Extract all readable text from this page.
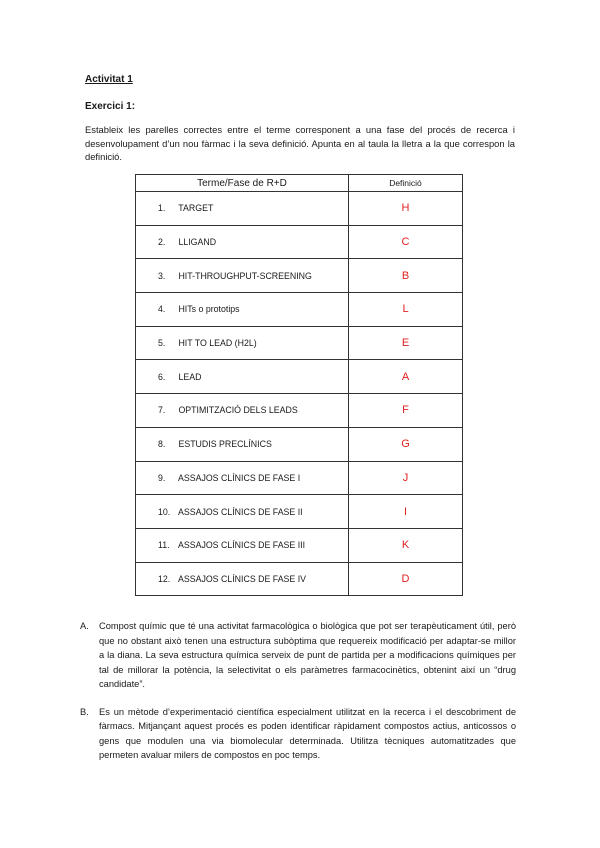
Activitat 1
Exercici 1:
Estableix les parelles correctes entre el terme corresponent a una fase del procés de recerca i desenvolupament d’un nou fàrmac i la seva definició. Apunta en al taula la lletra a la que correspon la definició.
Terme/Fase de R+D	Definició
1. TARGET	H
2. LLIGAND	C
3. HIT-THROUGHPUT-SCREENING	B
4. HITs o prototips	L
5. HIT TO LEAD (H2L)	E
6. LEAD	A
7. OPTIMITZACIÓ DELS LEADS	F
8. ESTUDIS PRECLÍNICS	G
9. ASSAJOS CLÍNICS DE FASE I	J
10. ASSAJOS CLÍNICS DE FASE II	I
11. ASSAJOS CLÍNICS DE FASE III	K
12. ASSAJOS CLÍNICS DE FASE IV	D
A. Compost químic que té una activitat farmacològica o biològica que pot ser terapèuticament útil, però que no obstant això tenen una estructura subòptima que requereix modificació per adaptar-se millor a la diana. La seva estructura química serveix de punt de partida per a modificacions químiques per tal de millorar la potència, la selectivitat o els paràmetres farmacocinètics, obtenint així un “drug candidate”.
B. Es un mètode d’experimentació científica especialment utilitzat en la recerca i el descobriment de fàrmacs. Mitjançant aquest procés es poden identificar ràpidament compostos actius, anticossos o gens que modulen una via biomolecular determinada. Utilitza tècniques automatitzades que permeten avaluar milers de compostos en poc temps.
